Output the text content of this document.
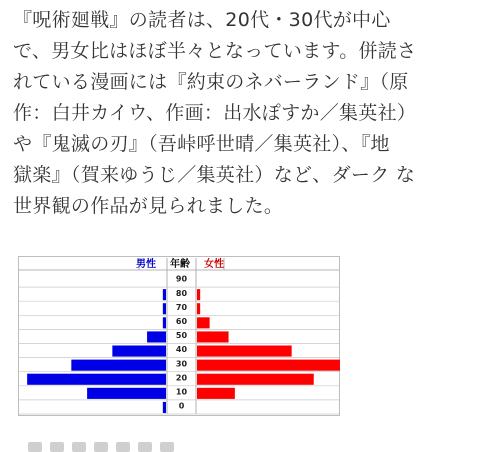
『呪術廻戦』の読者は、20代・30代が中心
で、男女比はほぼ半々となっています。併読さ
れている漫画には『約束のネバーランド』（原
作：白井カイウ、作画：出水ぽすか／集英社）
や『鬼滅の刃』（吾峠呼世晴／集英社）、『地
獄楽』（賀来ゆうじ／集英社）など、ダーク な
世界観の作品が見られました。
男性 年齢 女性
90
80
70
60
50
40
30
20
10
0
